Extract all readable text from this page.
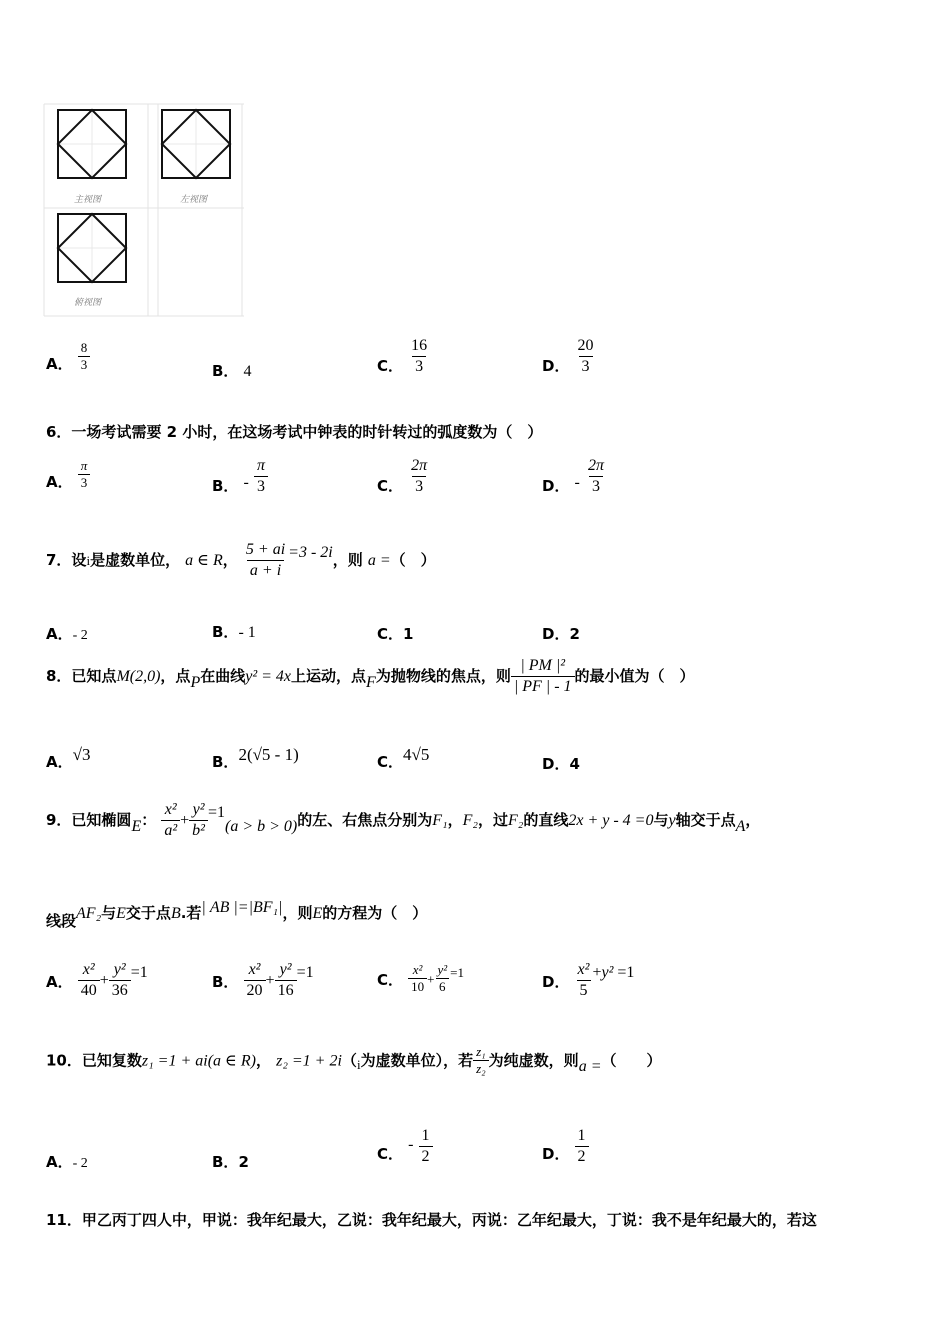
主视图	左视图
俯视图
A． $\frac{8}{3}$	B． 4	C． $\frac{16}{3}$	D． $\frac{20}{3}$
6．一场考试需要 2 小时，在这场考试中钟表的时针转过的弧度数为（　）
A． $\frac{\pi}{3}$	B． - $\frac{\pi}{3}$	C． $\frac{2\pi}{3}$	D． - $\frac{2\pi}{3}$
7．设i是虚数单位， a ∈ R， $\frac{5 + ai}{a + i} =3 - 2i$，则 a =（　）
A．- 2	B．- 1	C．1	D．2
8．已知点M(2,0)，点P在曲线y² = 4x上运动，点F为抛物线的焦点，则 $\frac{\text{| PM |²}}{| PF | - 1}$ 的最小值为（　）
A．√3	B．2(√5 - 1)	C．4√5	D．4
9．已知椭圆E： $\frac{\text{x²}}{\text{a²}} + \frac{\text{y²}}{\text{b²}} =1(a > b > 0)$的左、右焦点分别为F₁，F₂，过F₂的直线2x + y - 4 =0与y轴交于点A，
线段AF₂与E交于点B.若| AB |=|BF₁|，则E的方程为（　）
A． $\frac{\text{x²}}{40} + \frac{\text{y²}}{36} =1$
B． $\frac{\text{x²}}{20} + \frac{\text{y²}}{16} =1$	C． $\frac{\text{x²}}{10} + \frac{\text{y²}}{6} ^{=1}$
D． $\frac{\text{x²}}{5} +y^2 =1$
10．已知复数z₁ =1 + ai(a ∈ R)， $z_2 =1 + 2i(_i$为虚数单位），若 $\frac{\text{z₁}}{\text{z₂}}$ 为纯虚数，则a =（　　）
A．- 2	B．2	C． - $\frac{1}{2}$	D． $\frac{1}{2}$
11．甲乙丙丁四人中，甲说：我年纪最大，乙说：我年纪最大，丙说：乙年纪最大，丁说：我不是年纪最大的，若这
